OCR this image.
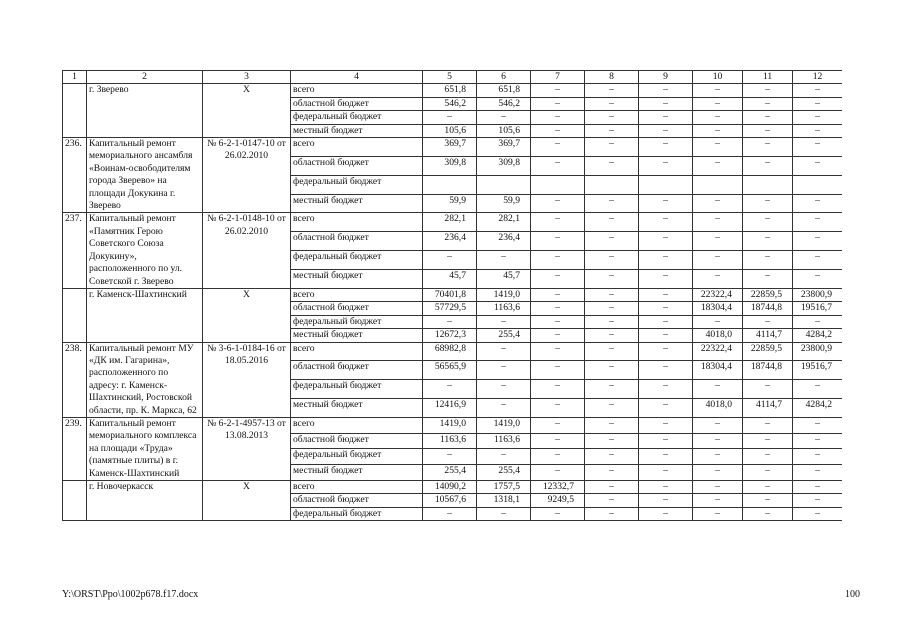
1	2	3	4	5	6	7	8	9	10	11	12
	г. Зверево	Х	всего	651,8	651,8	–	–	–	–	–	–
			областной бюджет	546,2	546,2	–	–	–	–	–	–
			федеральный бюджет	–	–	–	–	–	–	–	–
			местный бюджет	105,6	105,6	–	–	–	–	–	–
236.	Капитальный ремонт мемориального ансамбля «Воинам-освободителям города Зверево» на площади Докукина г. Зверево	№ 6-2-1-0147-10 от 26.02.2010	всего	369,7	369,7	–	–	–	–	–	–
			областной бюджет	309,8	309,8	–	–	–	–	–	–
			федеральный бюджет								
			местный бюджет	59,9	59,9	–	–	–	–	–	–
237.	Капитальный ремонт «Памятник Герою Советского Союза Докукину», расположенного по ул. Советской г. Зверево	№ 6-2-1-0148-10 от 26.02.2010	всего	282,1	282,1	–	–	–	–	–	–
			областной бюджет	236,4	236,4	–	–	–	–	–	–
			федеральный бюджет	–	–	–	–	–	–	–	–
			местный бюджет	45,7	45,7	–	–	–	–	–	–
	г. Каменск-Шахтинский	Х	всего	70401,8	1419,0	–	–	–	22322,4	22859,5	23800,9
			областной бюджет	57729,5	1163,6	–	–	–	18304,4	18744,8	19516,7
			федеральный бюджет	–	–	–	–	–	–	–	–
			местный бюджет	12672,3	255,4	–	–	–	4018,0	4114,7	4284,2
238.	Капитальный ремонт МУ «ДК им. Гагарина», расположенного по адресу: г. Каменск-Шахтинский, Ростовской области, пр. К. Маркса, 62	№ 3-6-1-0184-16 от 18.05.2016	всего	68982,8	–	–	–	–	22322,4	22859,5	23800,9
			областной бюджет	56565,9	–	–	–	–	18304,4	18744,8	19516,7
			федеральный бюджет	–	–	–	–	–	–	–	–
			местный бюджет	12416,9	–	–	–	–	4018,0	4114,7	4284,2
239.	Капитальный ремонт мемориального комплекса на площади «Труда» (памятные плиты) в г. Каменск-Шахтинский	№ 6-2-1-4957-13 от 13.08.2013	всего	1419,0	1419,0	–	–	–	–	–	–
			областной бюджет	1163,6	1163,6	–	–	–	–	–	–
			федеральный бюджет	–	–	–	–	–	–	–	–
			местный бюджет	255,4	255,4	–	–	–	–	–	–
	г. Новочеркасск	Х	всего	14090,2	1757,5	12332,7	–	–	–	–	–
			областной бюджет	10567,6	1318,1	9249,5	–	–	–	–	–
			федеральный бюджет	–	–	–	–	–	–	–	–
Y:\ORST\Ppo\1002p678.f17.docx	100
